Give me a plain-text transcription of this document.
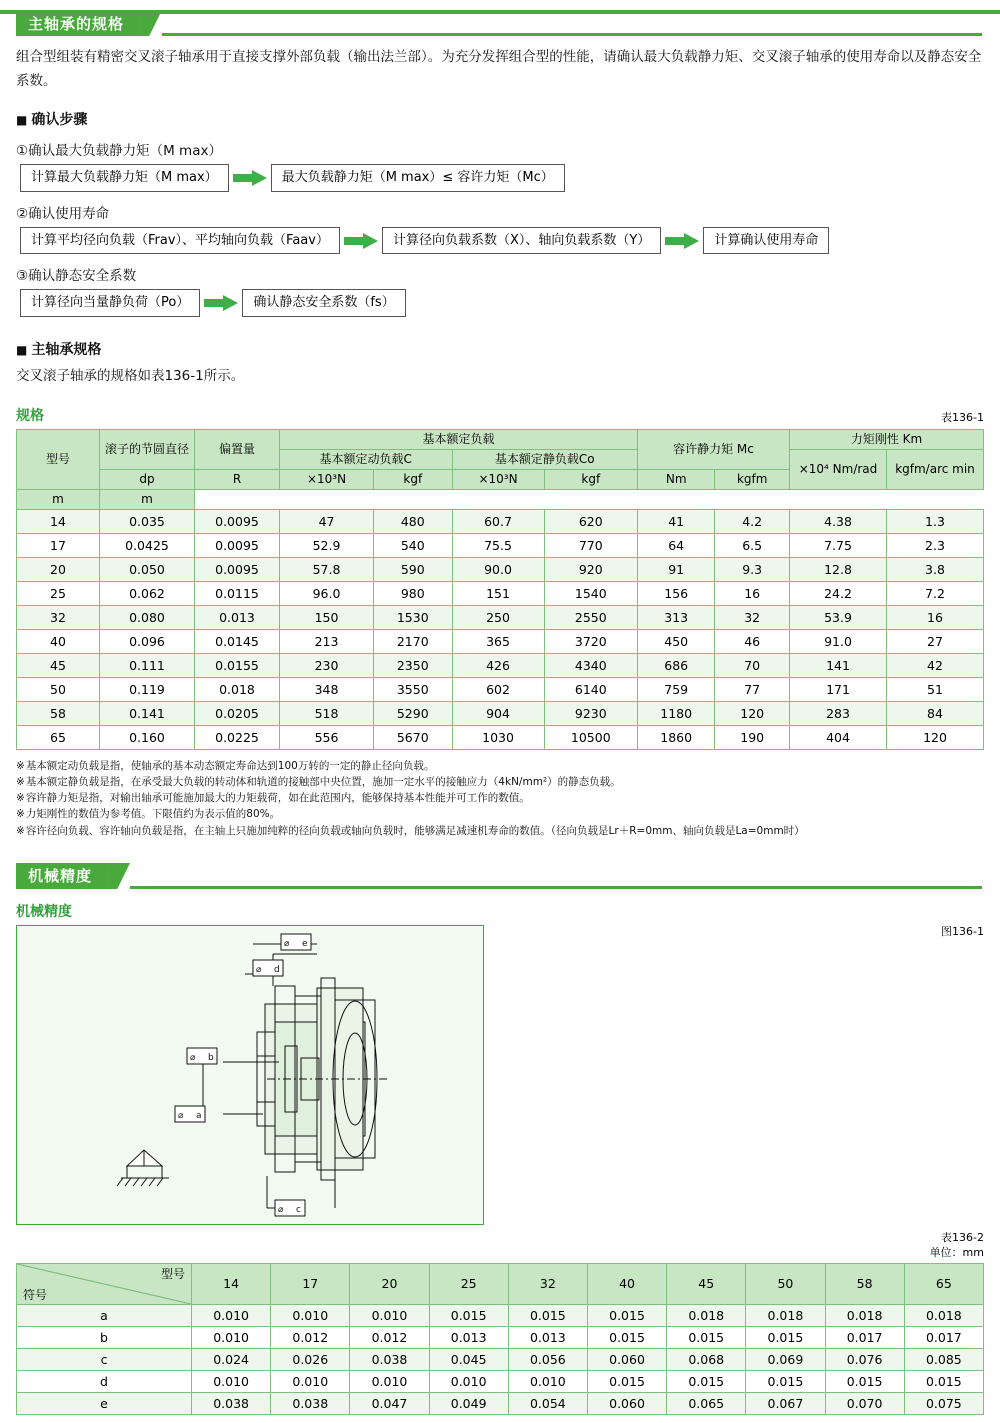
主轴承的规格
组合型组装有精密交叉滚子轴承用于直接支撑外部负载（输出法兰部）。为充分发挥组合型的性能，请确认最大负载静力矩、交叉滚子轴承的使用寿命以及静态安全系数。
■ 确认步骤
①确认最大负载静力矩（M max）
计算最大负载静力矩（M max）	最大负载静力矩（M max）≤ 容许力矩（Mc）
②确认使用寿命
计算平均径向负载（Frav）、平均轴向负载（Faav）	计算径向负载系数（X）、轴向负载系数（Y）	计算确认使用寿命
③确认静态安全系数
计算径向当量静负荷（Po）	确认静态安全系数（fs）
■ 主轴承规格
交叉滚子轴承的规格如表136-1所示。
规格	表136-1
型号	滚子的节圆直径	偏置量	基本额定负载				容许静力矩 Mc		力矩刚性 Km	
			基本额定动负载C		基本额定静负载Co				×10⁴ Nm/rad	kgfm/arc min
	dp	R	×10³N	kgf	×10³N	kgf	Nm	kgfm		
m	m									
14	0.035	0.0095	47	480	60.7	620	41	4.2	4.38	1.3
17	0.0425	0.0095	52.9	540	75.5	770	64	6.5	7.75	2.3
20	0.050	0.0095	57.8	590	90.0	920	91	9.3	12.8	3.8
25	0.062	0.0115	96.0	980	151	1540	156	16	24.2	7.2
32	0.080	0.013	150	1530	250	2550	313	32	53.9	16
40	0.096	0.0145	213	2170	365	3720	450	46	91.0	27
45	0.111	0.0155	230	2350	426	4340	686	70	141	42
50	0.119	0.018	348	3550	602	6140	759	77	171	51
58	0.141	0.0205	518	5290	904	9230	1180	120	283	84
65	0.160	0.0225	556	5670	1030	10500	1860	190	404	120
※ 基本额定动负载是指，使轴承的基本动态额定寿命达到100万转的一定的静止径向负载。
※ 基本额定静负载是指，在承受最大负载的转动体和轨道的接触部中央位置，施加一定水平的接触应力（4kN/mm²）的静态负载。
※ 容许静力矩是指，对输出轴承可能施加最大的力矩载荷，如在此范围内，能够保持基本性能并可工作的数值。
※ 力矩刚性的数值为参考值。下限值约为表示值的80%。
※ 容许径向负载、容许轴向负载是指，在主轴上只施加纯粹的径向负载或轴向负载时，能够满足减速机寿命的数值。（径向负载是Lr＋R=0mm、轴向负载是La=0mm时）
机械精度
机械精度
图136-1
e
⌀
d
⌀
b
⌀
a
⌀
c
⌀
表136-2
单位：mm
型号
符号	14	17	20	25	32	40	45	50	58	65
a	0.010	0.010	0.010	0.015	0.015	0.015	0.018	0.018	0.018	0.018
b	0.010	0.012	0.012	0.013	0.013	0.015	0.015	0.015	0.017	0.017
c	0.024	0.026	0.038	0.045	0.056	0.060	0.068	0.069	0.076	0.085
d	0.010	0.010	0.010	0.010	0.010	0.015	0.015	0.015	0.015	0.015
e	0.038	0.038	0.047	0.049	0.054	0.060	0.065	0.067	0.070	0.075
